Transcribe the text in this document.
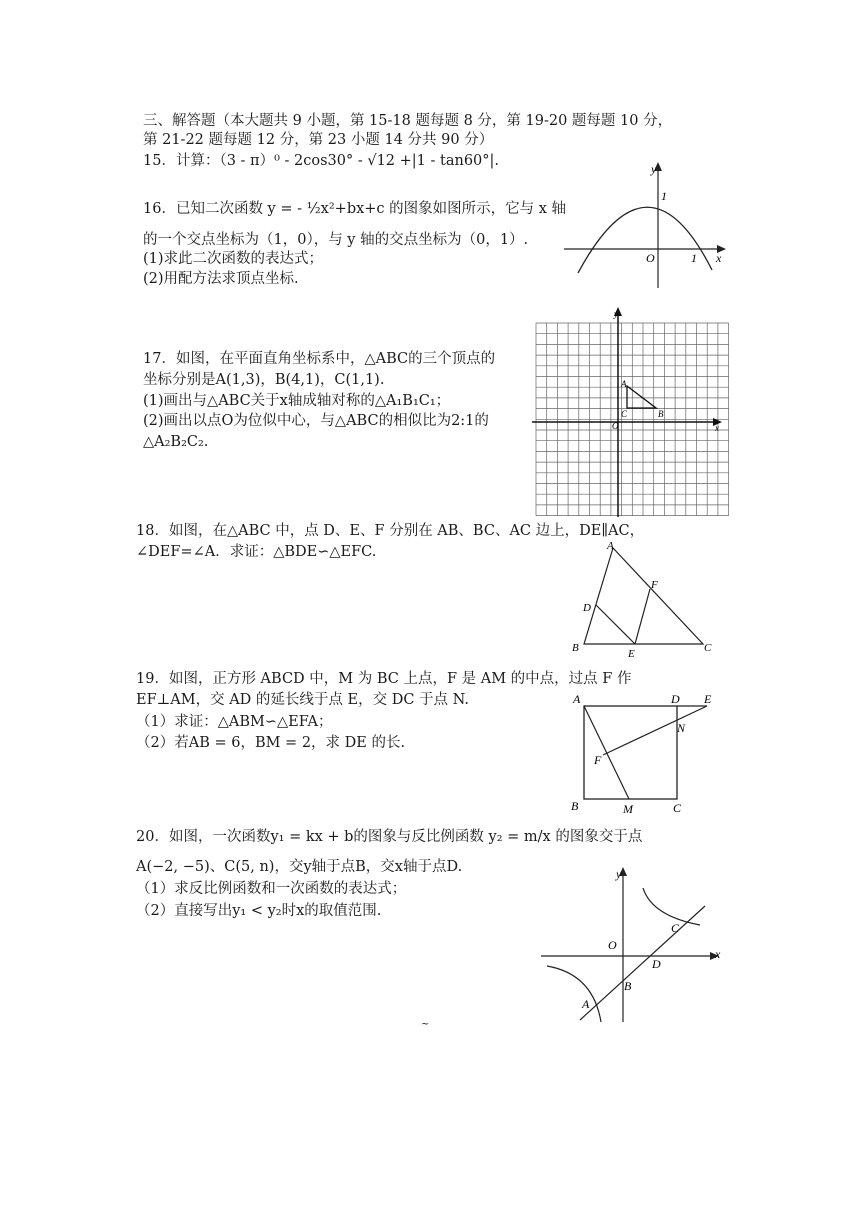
三、解答题（本大题共 9 小题，第 15-18 题每题 8 分，第 19-20 题每题 10 分，
第 21-22 题每题 12 分，第 23 小题 14 分共 90 分）
15．计算：（3 - π）⁰ - 2cos30° - √12 +|1 - tan60°|.
16．已知二次函数 y = - ½x²+bx+c 的图象如图所示，它与 x 轴
的一个交点坐标为（1，0），与 y 轴的交点坐标为（0，1）.
(1)求此二次函数的表达式；
(2)用配方法求顶点坐标.
y
x
O
1
1
17．如图，在平面直角坐标系中，△ABC的三个顶点的
坐标分别是A(1,3)，B(4,1)，C(1,1).
(1)画出与△ABC关于x轴成轴对称的△A₁B₁C₁；
(2)画出以点O为位似中心，与△ABC的相似比为2:1的
△A₂B₂C₂.
y
x
O
A
C	B
18．如图，在△ABC 中，点 D、E、F 分别在 AB、BC、AC 边上，DE∥AC，
∠DEF=∠A．求证：△BDE∽△EFC.	A
B	C
D
E
F
19．如图，正方形 ABCD 中，M 为 BC 上点，F 是 AM 的中点，过点 F 作
EF⊥AM，交 AD 的延长线于点 E，交 DC 于点 N.
（1）求证：△ABM∽△EFA；
（2）若AB = 6，BM = 2，求 DE 的长.
A
B	C
D E
F
M
N
20．如图，一次函数y₁ = kx + b的图象与反比例函数 y₂ = m/x 的图象交于点
A(−2, −5)、C(5, n)，交y轴于点B，交x轴于点D.
（1）求反比例函数和一次函数的表达式；
（2）直接写出y₁ < y₂时x的取值范围.
y
x
O
A
B
C
D
~
